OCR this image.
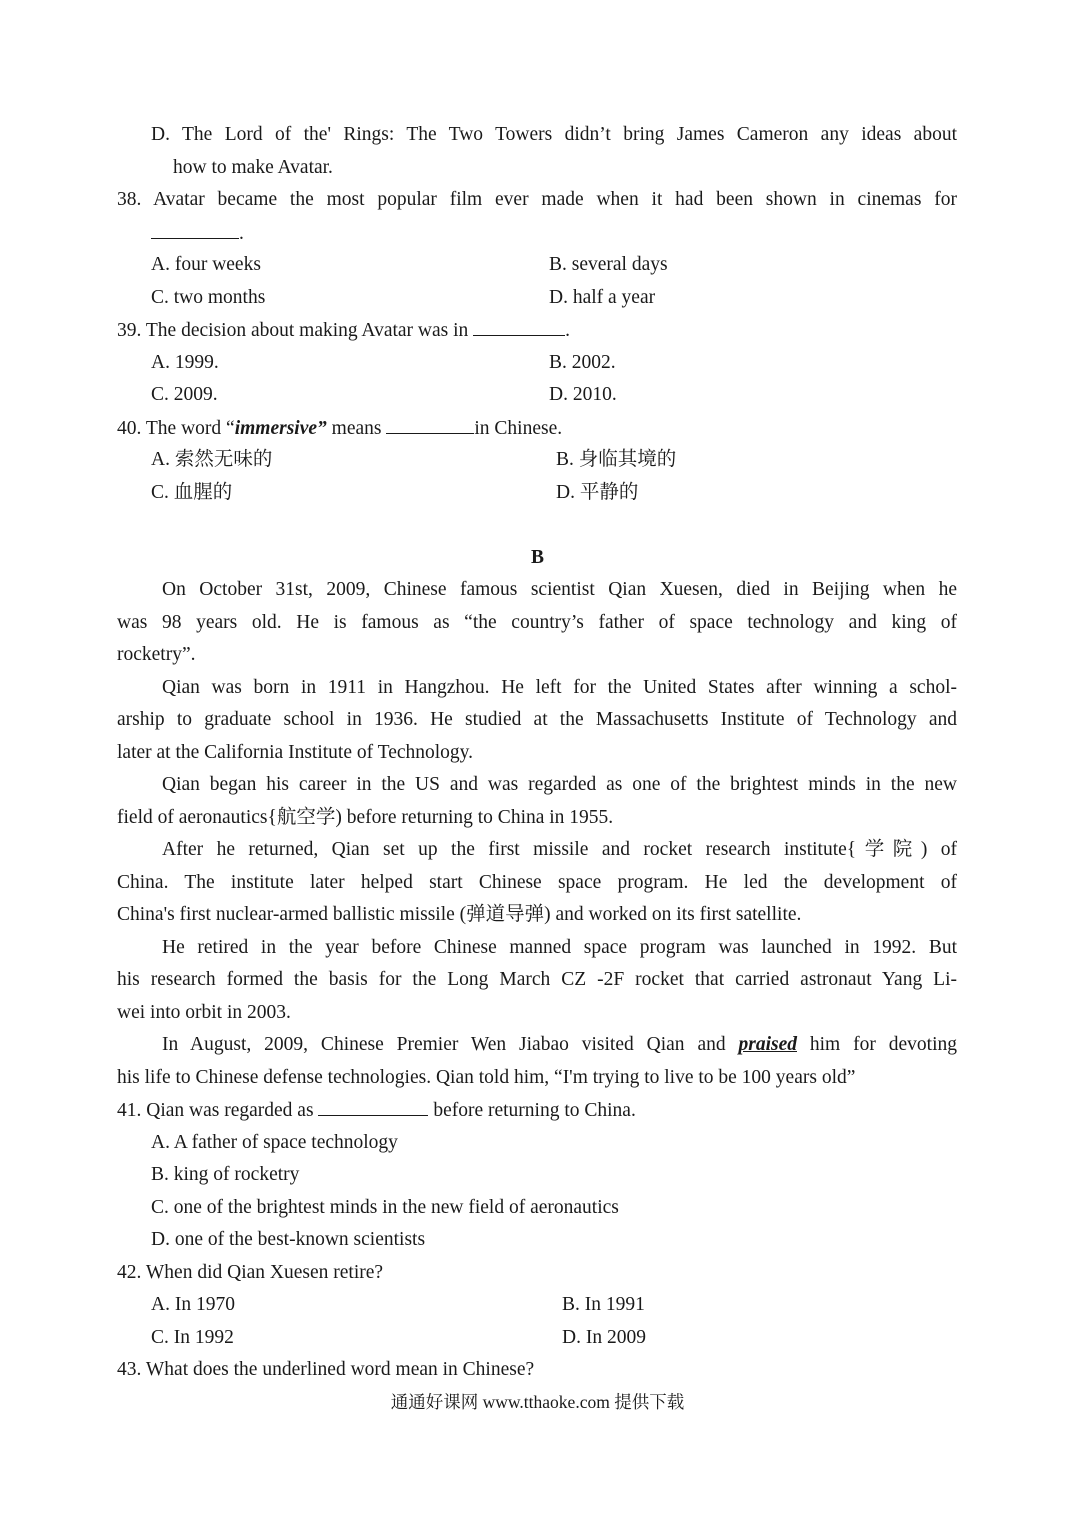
D. The Lord of the' Rings: The Two Towers didn’t bring James Cameron any ideas about
how to make Avatar.
38. Avatar became the most popular film ever made when it had been shown in cinemas for
.
A. four weeks	B. several days
C. two months	D. half a year
39. The decision about making Avatar was in	.
A. 1999.	B. 2002.
C. 2009.	D. 2010.
40. The word “immersive” means	in Chinese.
A. 索然无味的	B. 身临其境的
C. 血腥的	D. 平静的
B
On October 31st, 2009, Chinese famous scientist Qian Xuesen, died in Beijing when he
was 98 years old. He is famous as “the country’s father of space technology and king of
rocketry”.
Qian was born in 1911 in Hangzhou. He left for the United States after winning a schol-
arship to graduate school in 1936. He studied at the Massachusetts Institute of Technology and
later at the California Institute of Technology.
Qian began his career in the US and was regarded as one of the brightest minds in the new
field of aeronautics{航空学) before returning to China in 1955.
After he returned, Qian set up the first missile and rocket research institute{学院) of
China. The institute later helped start Chinese space program. He led the development of
China's first nuclear-armed ballistic missile (弹道导弹) and worked on its first satellite.
He retired in the year before Chinese manned space program was launched in 1992. But
his research formed the basis for the Long March CZ -2F rocket that carried astronaut Yang Li-
wei into orbit in 2003.
In August, 2009, Chinese Premier Wen Jiabao visited Qian and praised him for devoting
his life to Chinese defense technologies. Qian told him, “I'm trying to live to be 100 years old”
41. Qian was regarded as	before returning to China.
A. A father of space technology
B. king of rocketry
C. one of the brightest minds in the new field of aeronautics
D. one of the best-known scientists
42. When did Qian Xuesen retire?
A. In 1970	B. In 1991
C. In 1992	D. In 2009
43. What does the underlined word mean in Chinese?
通通好课网 www.tthaoke.com 提供下载
